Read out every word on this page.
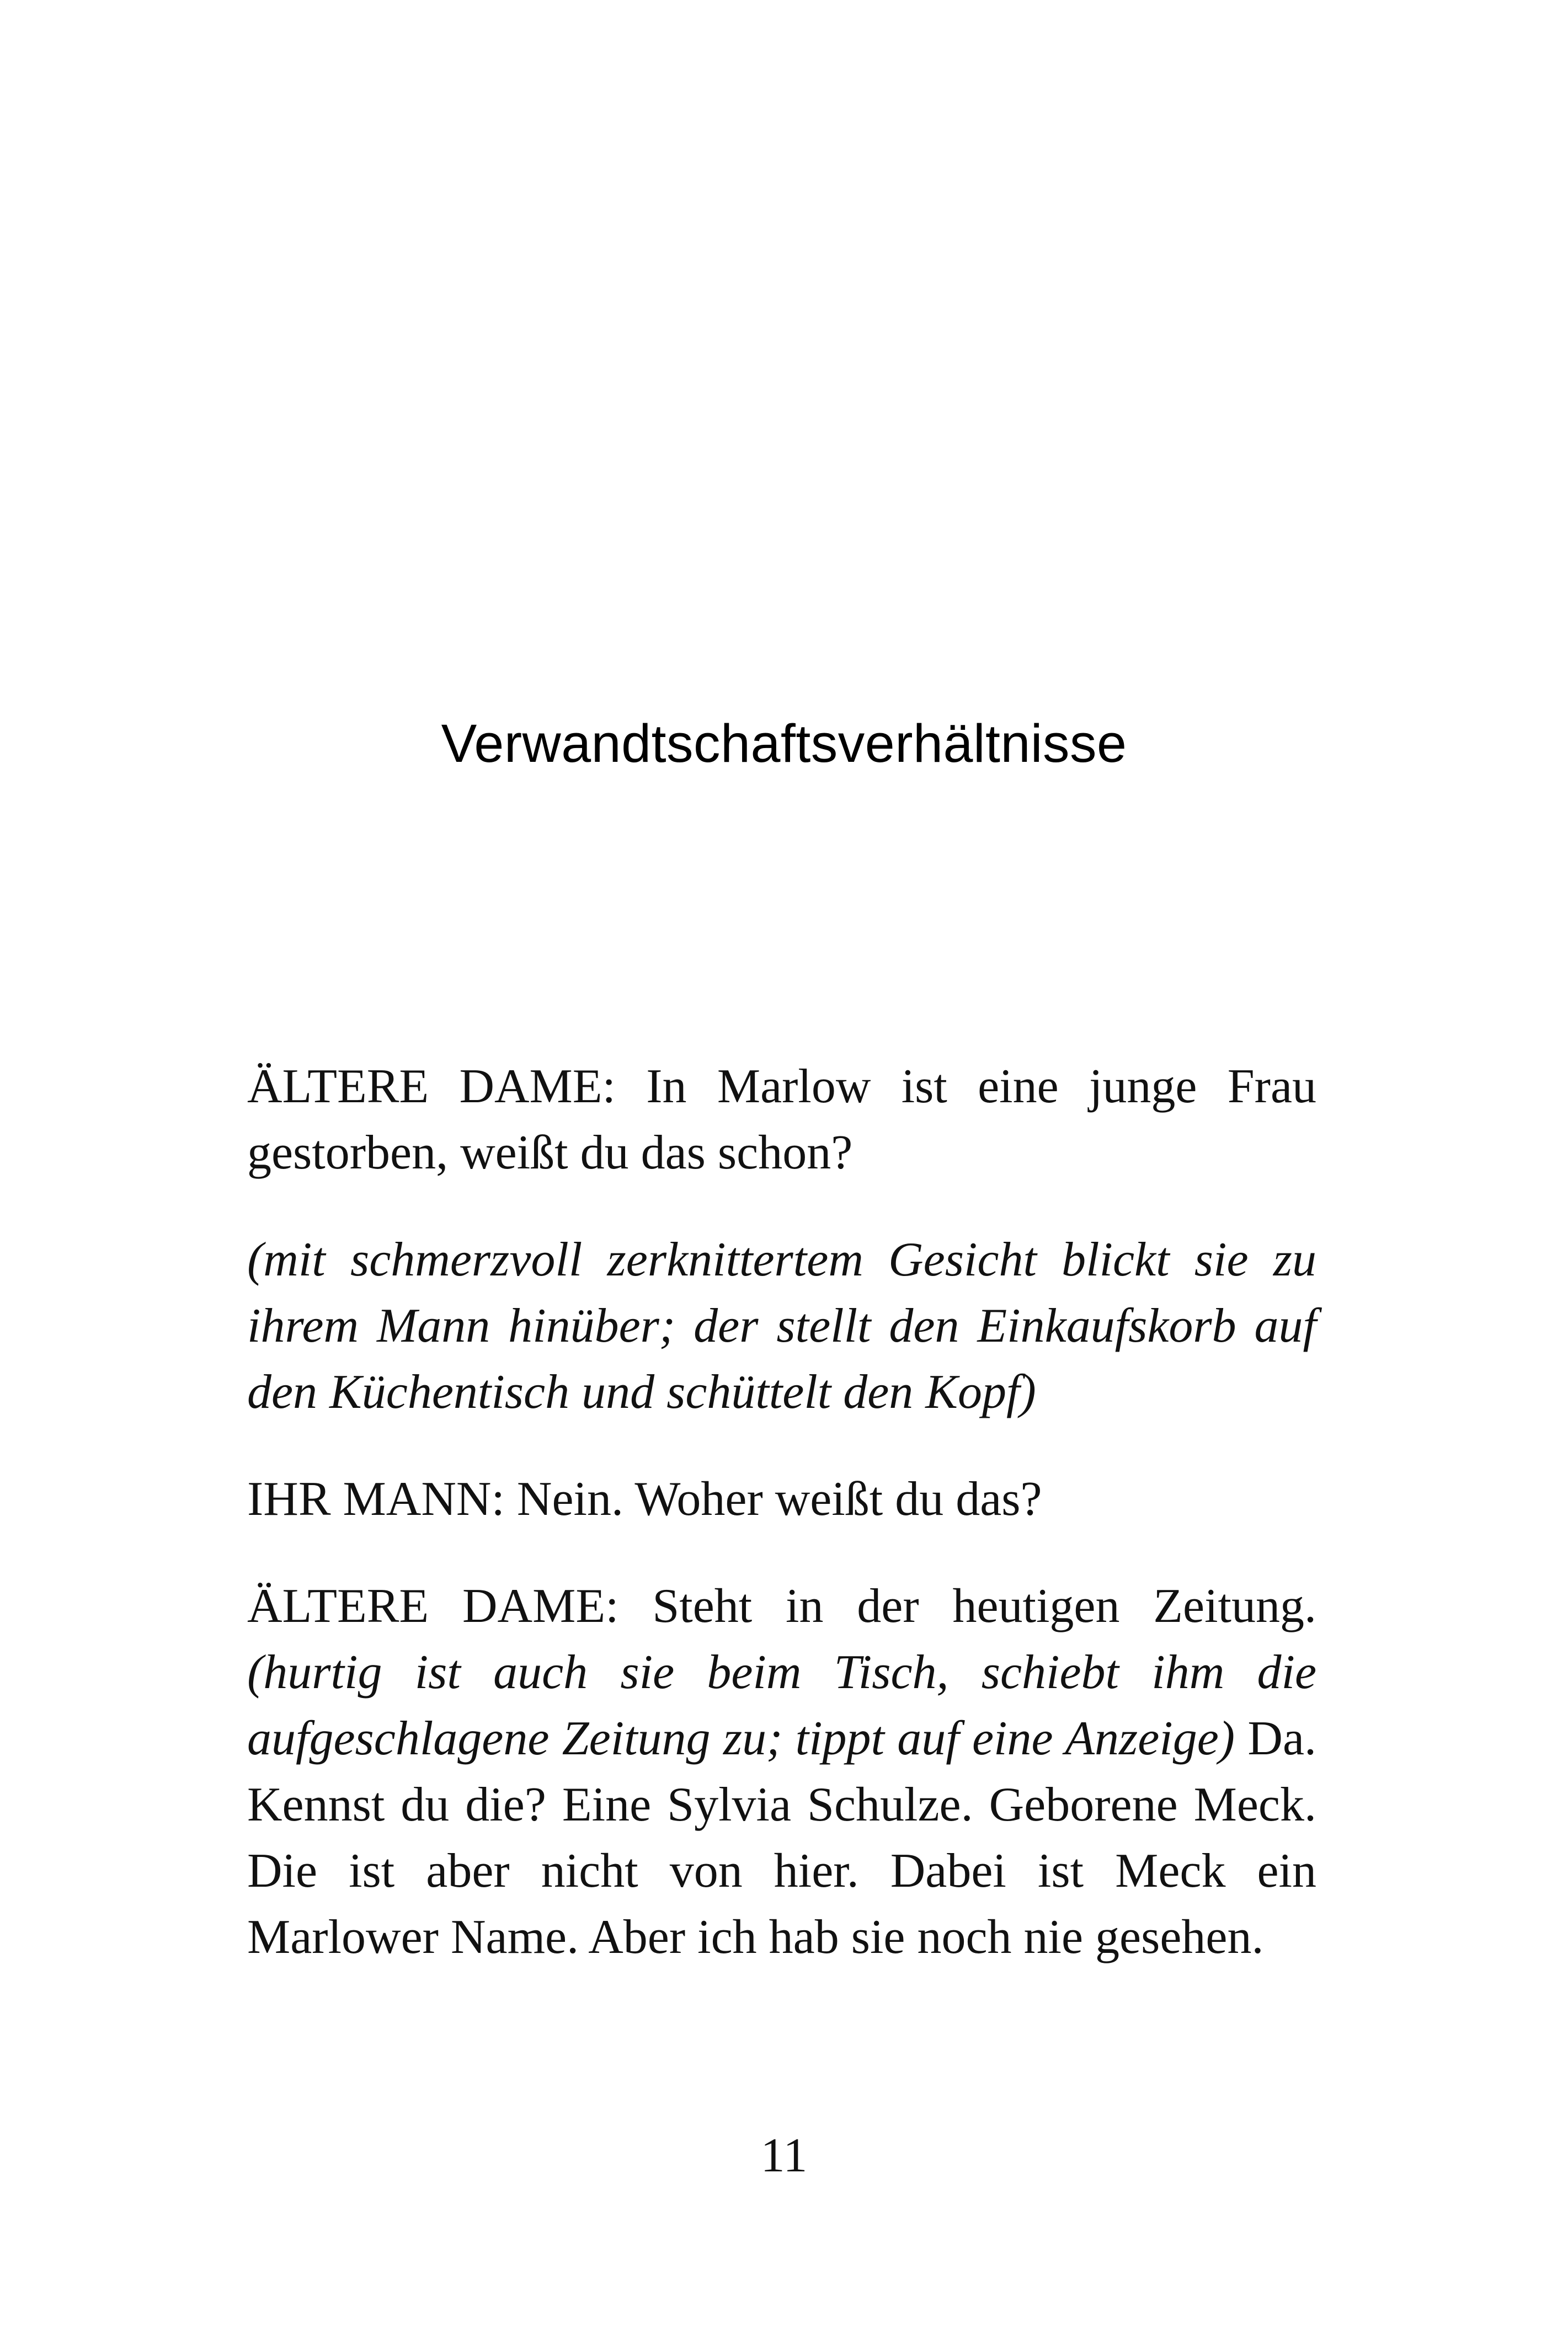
Verwandtschaftsverhältnisse

ÄLTERE DAME: In Marlow ist eine junge Frau gestorben, weißt du das schon?

(mit schmerzvoll zerknittertem Gesicht blickt sie zu ihrem Mann hinüber; der stellt den Einkaufskorb auf den Küchentisch und schüttelt den Kopf)

IHR MANN: Nein. Woher weißt du das?

ÄLTERE DAME: Steht in der heutigen Zeitung. (hurtig ist auch sie beim Tisch, schiebt ihm die aufgeschlagene Zeitung zu; tippt auf eine Anzeige) Da. Kennst du die? Eine Sylvia Schulze. Geborene Meck. Die ist aber nicht von hier. Dabei ist Meck ein Marlower Name. Aber ich hab sie noch nie gesehen.

11
